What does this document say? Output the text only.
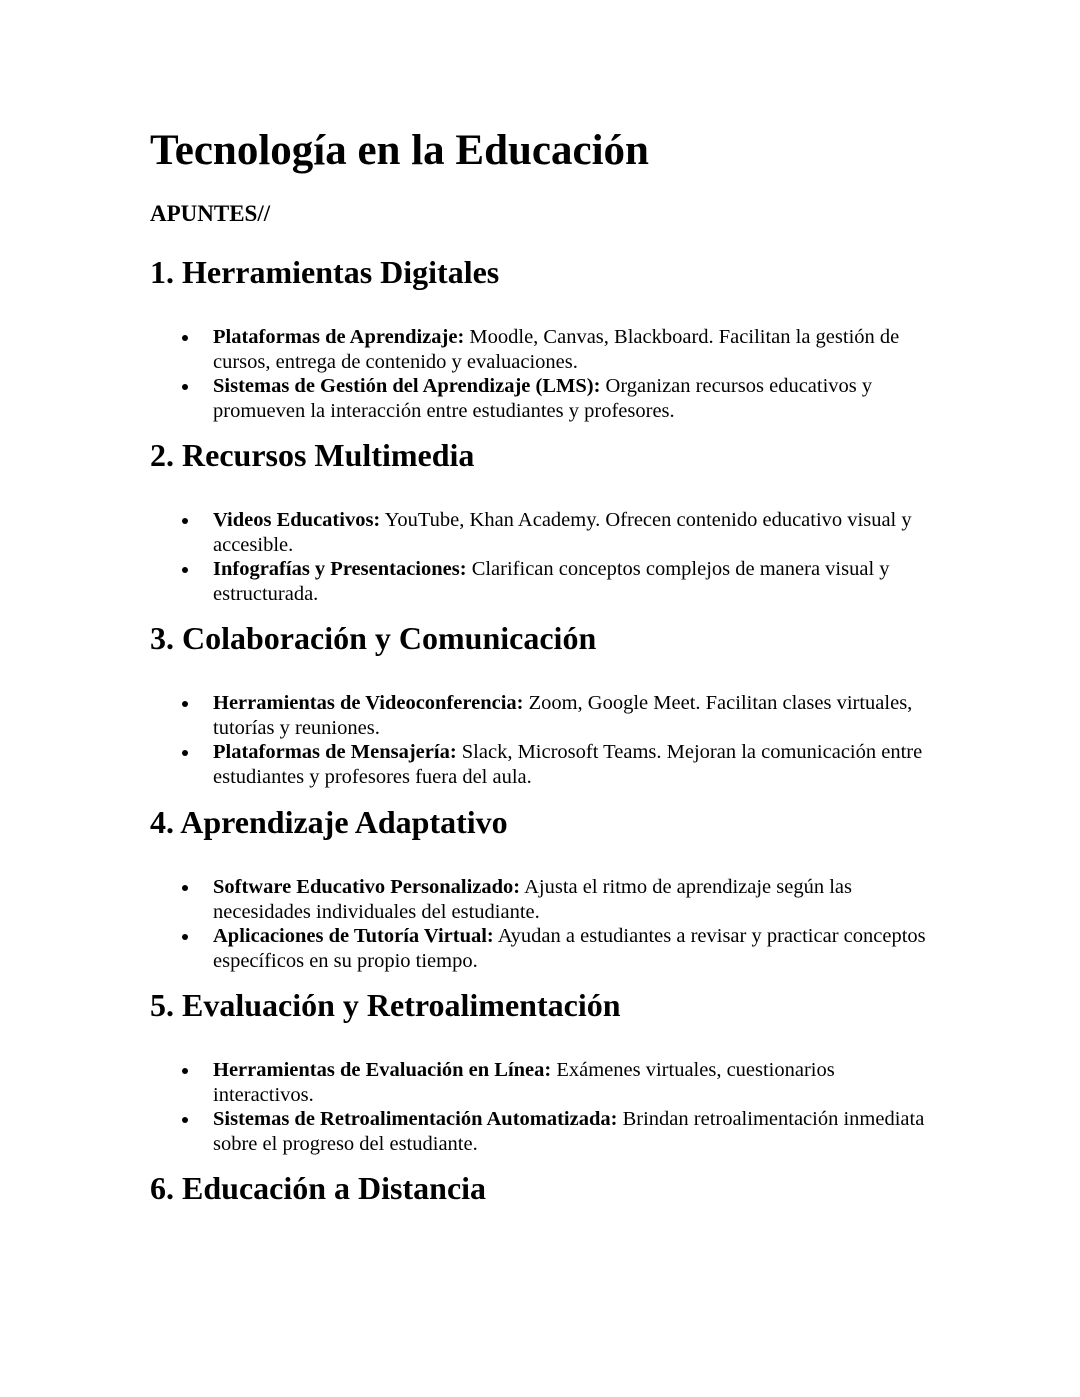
Tecnología en la Educación

APUNTES//

1. Herramientas Digitales
Plataformas de Aprendizaje: Moodle, Canvas, Blackboard. Facilitan la gestión de cursos, entrega de contenido y evaluaciones.
Sistemas de Gestión del Aprendizaje (LMS): Organizan recursos educativos y promueven la interacción entre estudiantes y profesores.
2. Recursos Multimedia
Videos Educativos: YouTube, Khan Academy. Ofrecen contenido educativo visual y accesible.
Infografías y Presentaciones: Clarifican conceptos complejos de manera visual y estructurada.
3. Colaboración y Comunicación
Herramientas de Videoconferencia: Zoom, Google Meet. Facilitan clases virtuales, tutorías y reuniones.
Plataformas de Mensajería: Slack, Microsoft Teams. Mejoran la comunicación entre estudiantes y profesores fuera del aula.
4. Aprendizaje Adaptativo
Software Educativo Personalizado: Ajusta el ritmo de aprendizaje según las necesidades individuales del estudiante.
Aplicaciones de Tutoría Virtual: Ayudan a estudiantes a revisar y practicar conceptos específicos en su propio tiempo.
5. Evaluación y Retroalimentación
Herramientas de Evaluación en Línea: Exámenes virtuales, cuestionarios interactivos.
Sistemas de Retroalimentación Automatizada: Brindan retroalimentación inmediata sobre el progreso del estudiante.
6. Educación a Distancia
